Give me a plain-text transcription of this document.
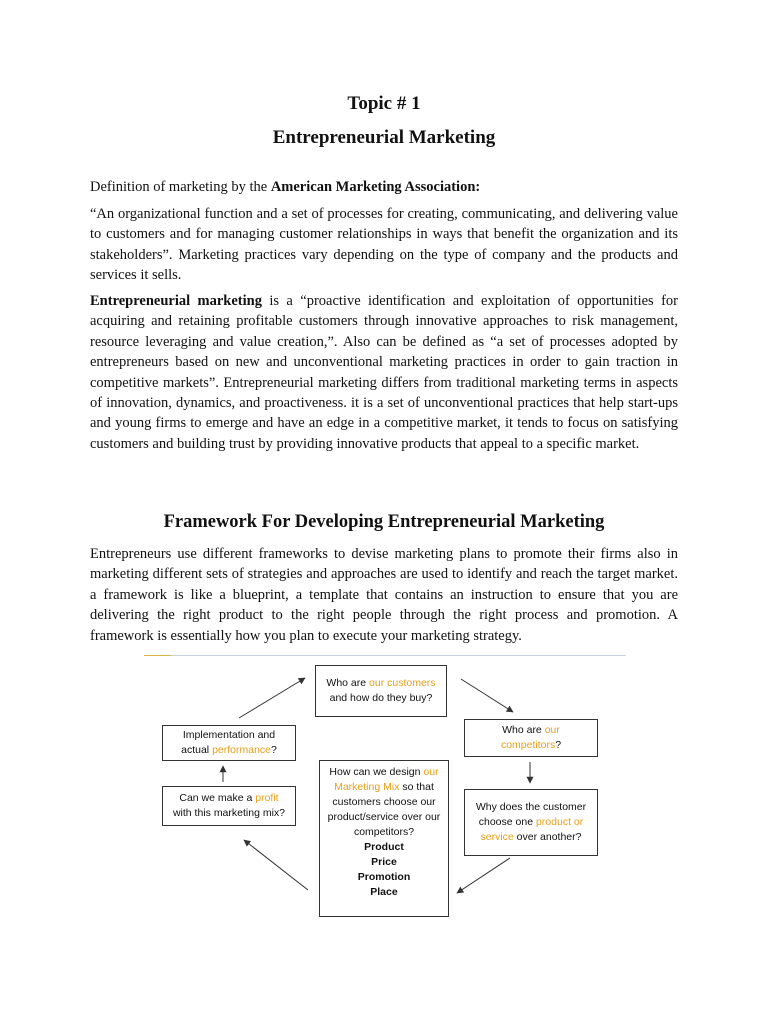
Topic # 1
Entrepreneurial Marketing
Definition of marketing by the American Marketing Association:
“An organizational function and a set of processes for creating, communicating, and delivering value to customers and for managing customer relationships in ways that benefit the organization and its stakeholders”. Marketing practices vary depending on the type of company and the products and services it sells.
Entrepreneurial marketing is a “proactive identification and exploitation of opportunities for acquiring and retaining profitable customers through innovative approaches to risk management, resource leveraging and value creation,”. Also can be defined as “a set of processes adopted by entrepreneurs based on new and unconventional marketing practices in order to gain traction in competitive markets”. Entrepreneurial marketing differs from traditional marketing terms in aspects of innovation, dynamics, and proactiveness. it is a set of unconventional practices that help start-ups and young firms to emerge and have an edge in a competitive market, it tends to focus on satisfying customers and building trust by providing innovative products that appeal to a specific market.
Framework For Developing Entrepreneurial Marketing
Entrepreneurs use different frameworks to devise marketing plans to promote their firms also in marketing different sets of strategies and approaches are used to identify and reach the target market. a framework is like a blueprint, a template that contains an instruction to ensure that you are delivering the right product to the right people through the right process and promotion. A framework is essentially how you plan to execute your marketing strategy.
Who are our customers
and how do they buy?
Who are our
competitors?
Implementation and
actual performance?
Can we make a profit
with this marketing mix?
How can we design our Marketing Mix so that customers choose our product/service over our competitors?
Product
Price
Promotion
Place
Why does the customer choose one product or service over another?
